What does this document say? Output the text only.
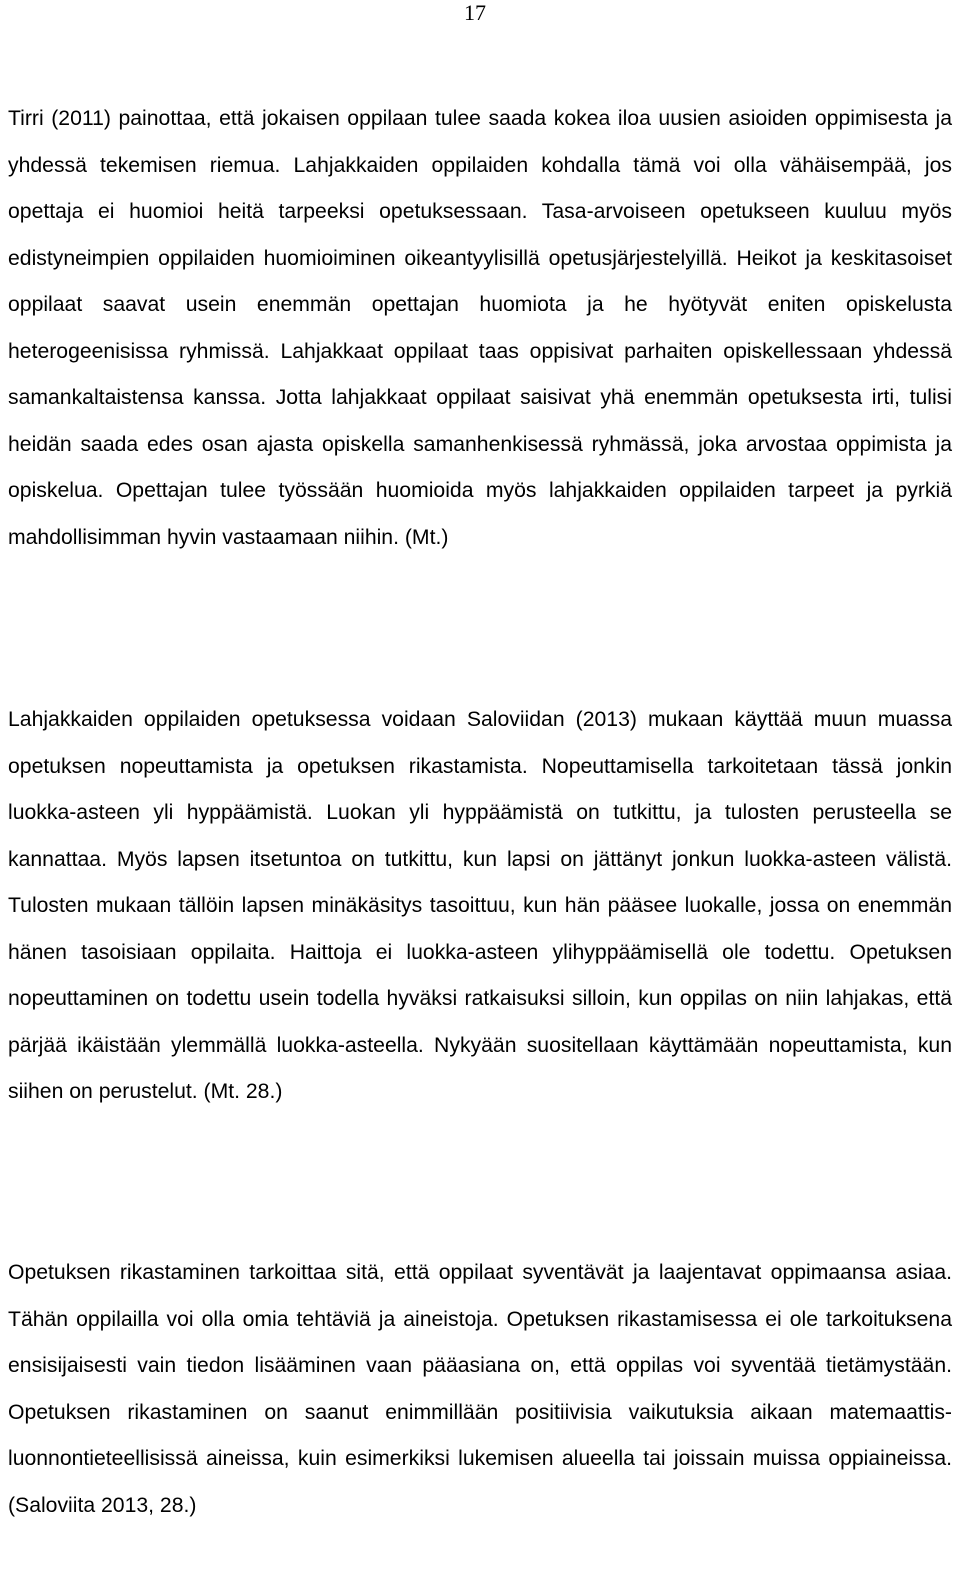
17

Tirri (2011) painottaa, että jokaisen oppilaan tulee saada kokea iloa uusien asioiden oppimisesta ja yhdessä tekemisen riemua. Lahjakkaiden oppilaiden kohdalla tämä voi olla vähäisempää, jos opettaja ei huomioi heitä tarpeeksi opetuksessaan. Tasa-arvoiseen opetukseen kuuluu myös edistyneimpien oppilaiden huomioiminen oikeantyylisillä opetusjärjestelyillä. Heikot ja keskitasoiset oppilaat saavat usein enemmän opettajan huomiota ja he hyötyvät eniten opiskelusta heterogeenisissa ryhmissä. Lahjakkaat oppilaat taas oppisivat parhaiten opiskellessaan yhdessä samankaltaistensa kanssa. Jotta lahjakkaat oppilaat saisivat yhä enemmän opetuksesta irti, tulisi heidän saada edes osan ajasta opiskella samanhenkisessä ryhmässä, joka arvostaa oppimista ja opiskelua. Opettajan tulee työssään huomioida myös lahjakkaiden oppilaiden tarpeet ja pyrkiä mahdollisimman hyvin vastaamaan niihin. (Mt.)

Lahjakkaiden oppilaiden opetuksessa voidaan Saloviidan (2013) mukaan käyttää muun muassa opetuksen nopeuttamista ja opetuksen rikastamista. Nopeuttamisella tarkoitetaan tässä jonkin luokka-asteen yli hyppäämistä. Luokan yli hyppäämistä on tutkittu, ja tulosten perusteella se kannattaa. Myös lapsen itsetuntoa on tutkittu, kun lapsi on jättänyt jonkun luokka-asteen välistä. Tulosten mukaan tällöin lapsen minäkäsitys tasoittuu, kun hän pääsee luokalle, jossa on enemmän hänen tasoisiaan oppilaita. Haittoja ei luokka-asteen ylihyppäämisellä ole todettu. Opetuksen nopeuttaminen on todettu usein todella hyväksi ratkaisuksi silloin, kun oppilas on niin lahjakas, että pärjää ikäistään ylemmällä luokka-asteella. Nykyään suositellaan käyttämään nopeuttamista, kun siihen on perustelut. (Mt. 28.)

Opetuksen rikastaminen tarkoittaa sitä, että oppilaat syventävät ja laajentavat oppimaansa asiaa. Tähän oppilailla voi olla omia tehtäviä ja aineistoja. Opetuksen rikastamisessa ei ole tarkoituksena ensisijaisesti vain tiedon lisääminen vaan pääasiana on, että oppilas voi syventää tietämystään. Opetuksen rikastaminen on saanut enimmillään positiivisia vaikutuksia aikaan matemaattis-luonnontieteellisissä aineissa, kuin esimerkiksi lukemisen alueella tai joissain muissa oppiaineissa. (Saloviita 2013, 28.)
